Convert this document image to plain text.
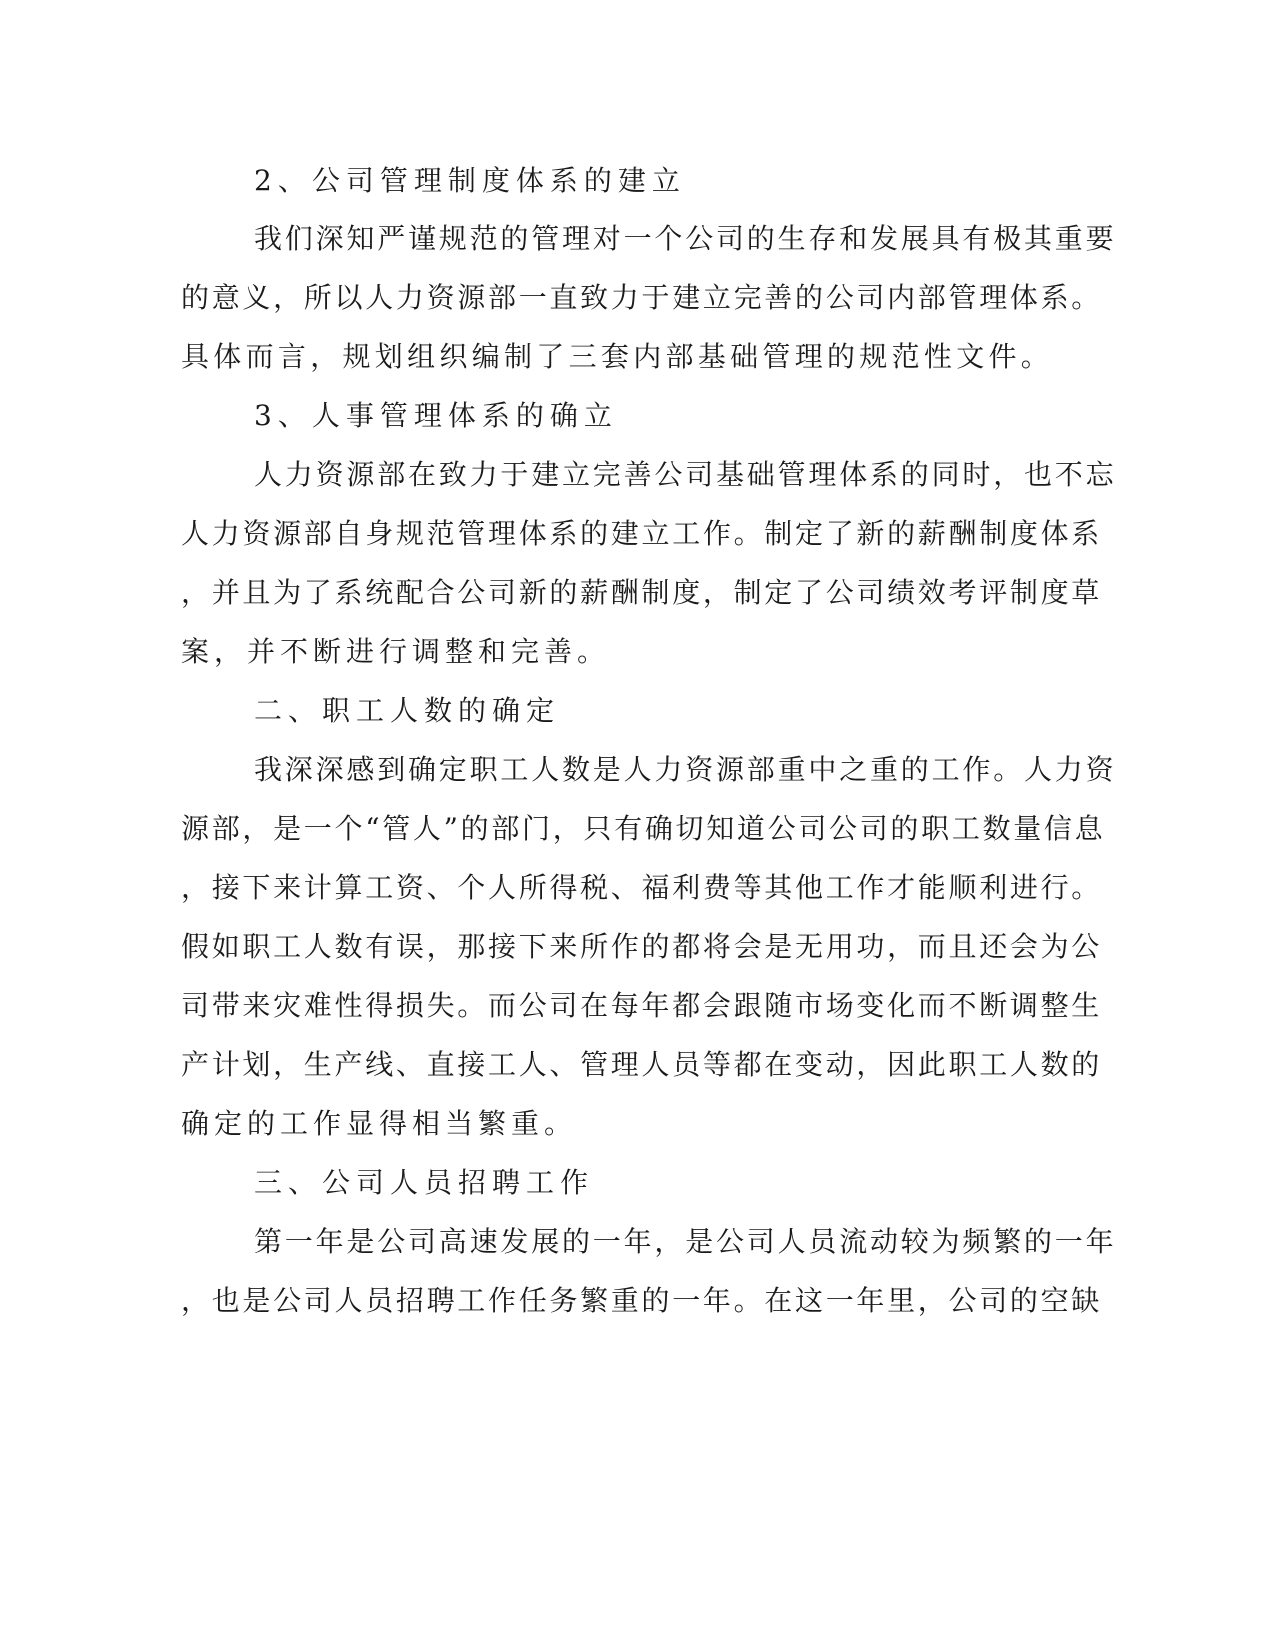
2、公司管理制度体系的建立

我们深知严谨规范的管理对一个公司的生存和发展具有极其重要

的意义，所以人力资源部一直致力于建立完善的公司内部管理体系。

具体而言，规划组织编制了三套内部基础管理的规范性文件。

3、人事管理体系的确立

人力资源部在致力于建立完善公司基础管理体系的同时，也不忘

人力资源部自身规范管理体系的建立工作。制定了新的薪酬制度体系

，并且为了系统配合公司新的薪酬制度，制定了公司绩效考评制度草

案，并不断进行调整和完善。

二、职工人数的确定

我深深感到确定职工人数是人力资源部重中之重的工作。人力资

源部，是一个“管人”的部门，只有确切知道公司公司的职工数量信息

，接下来计算工资、个人所得税、福利费等其他工作才能顺利进行。

假如职工人数有误，那接下来所作的都将会是无用功，而且还会为公

司带来灾难性得损失。而公司在每年都会跟随市场变化而不断调整生

产计划，生产线、直接工人、管理人员等都在变动，因此职工人数的

确定的工作显得相当繁重。

三、公司人员招聘工作

第一年是公司高速发展的一年，是公司人员流动较为频繁的一年

，也是公司人员招聘工作任务繁重的一年。在这一年里，公司的空缺
